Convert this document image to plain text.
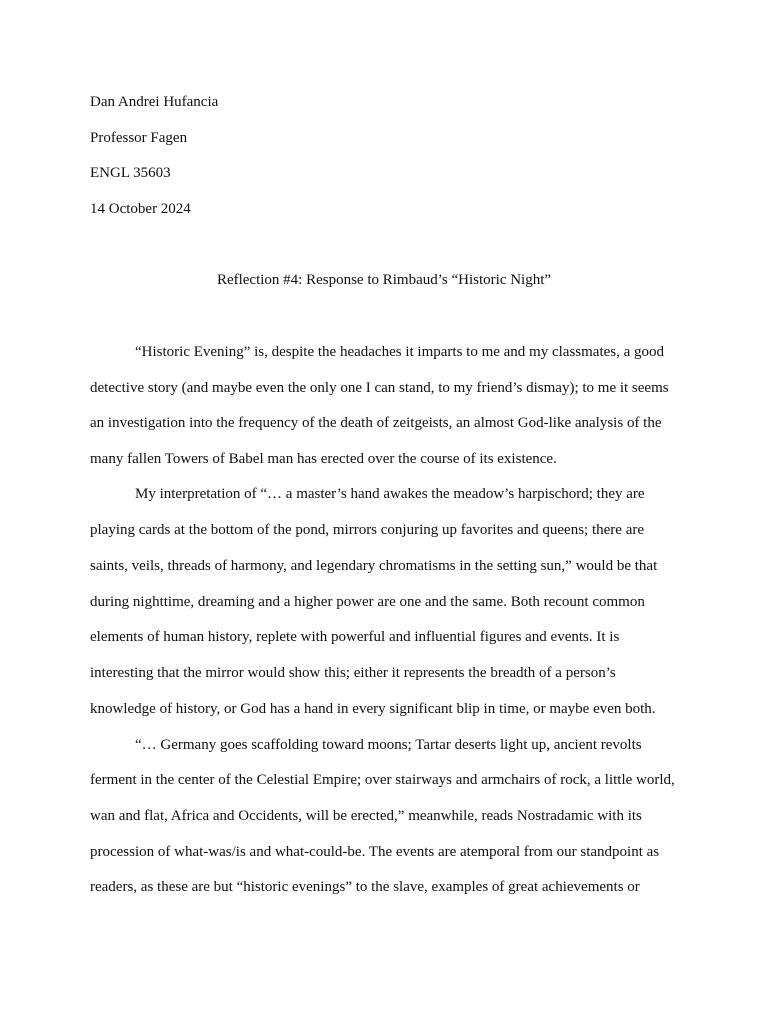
Dan Andrei Hufancia

Professor Fagen

ENGL 35603

14 October 2024

Reflection #4: Response to Rimbaud’s “Historic Night”

“Historic Evening” is, despite the headaches it imparts to me and my classmates, a good

detective story (and maybe even the only one I can stand, to my friend’s dismay); to me it seems

an investigation into the frequency of the death of zeitgeists, an almost God-like analysis of the

many fallen Towers of Babel man has erected over the course of its existence.

My interpretation of “… a master’s hand awakes the meadow’s harpischord; they are

playing cards at the bottom of the pond, mirrors conjuring up favorites and queens; there are

saints, veils, threads of harmony, and legendary chromatisms in the setting sun,” would be that

during nighttime, dreaming and a higher power are one and the same. Both recount common

elements of human history, replete with powerful and influential figures and events. It is

interesting that the mirror would show this; either it represents the breadth of a person’s

knowledge of history, or God has a hand in every significant blip in time, or maybe even both.

“… Germany goes scaffolding toward moons; Tartar deserts light up, ancient revolts

ferment in the center of the Celestial Empire; over stairways and armchairs of rock, a little world,

wan and flat, Africa and Occidents, will be erected,” meanwhile, reads Nostradamic with its

procession of what-was/is and what-could-be. The events are atemporal from our standpoint as

readers, as these are but “historic evenings” to the slave, examples of great achievements or
